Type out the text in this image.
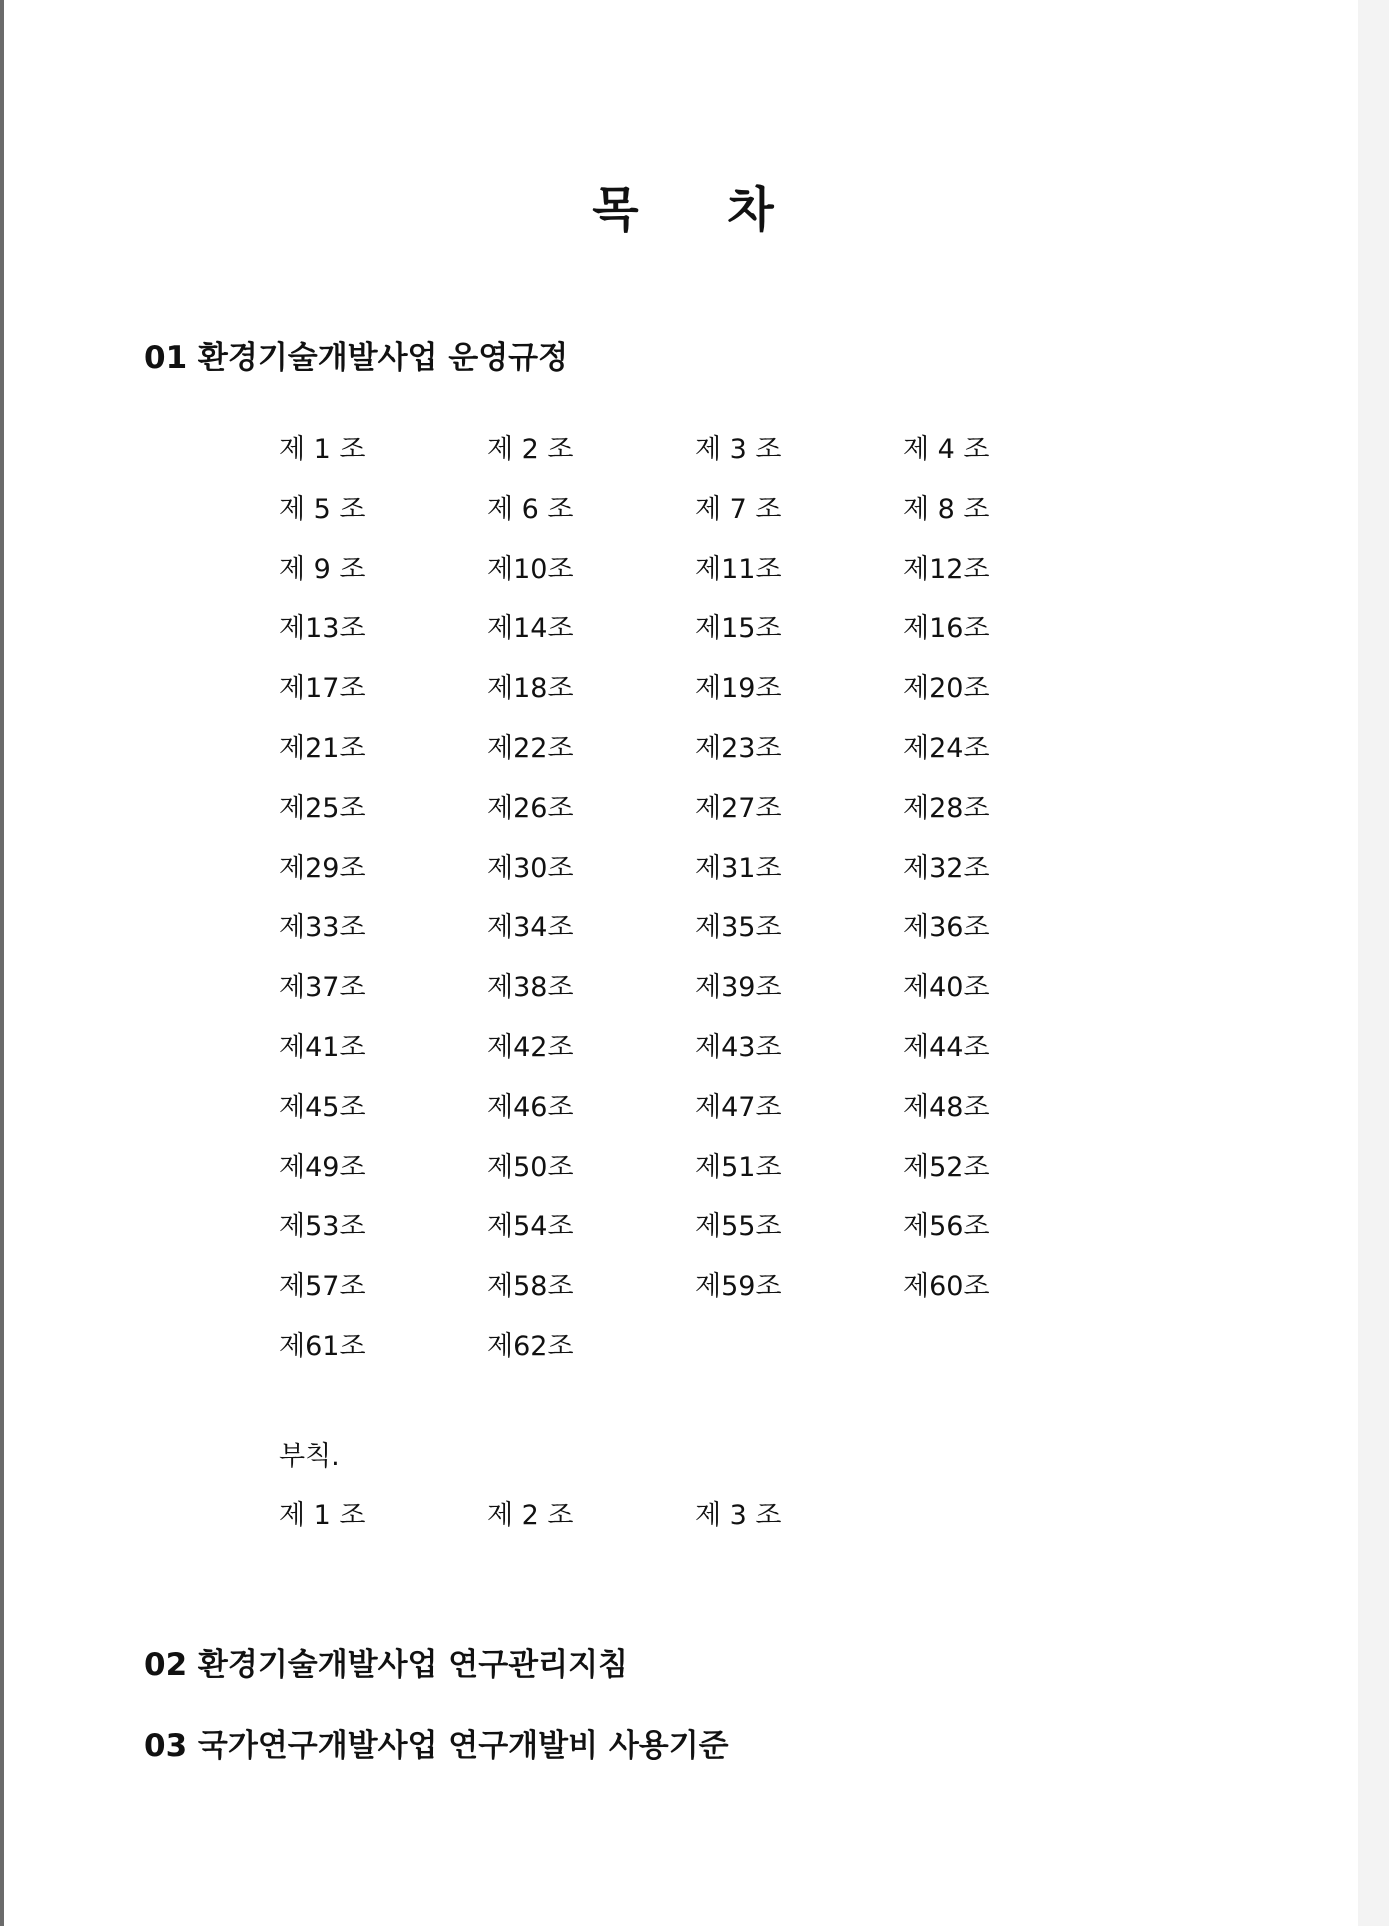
목 차
01 환경기술개발사업 운영규정
제 1 조	제 2 조	제 3 조	제 4 조
제 5 조	제 6 조	제 7 조	제 8 조
제 9 조	제10조	제11조	제12조
제13조	제14조	제15조	제16조
제17조	제18조	제19조	제20조
제21조	제22조	제23조	제24조
제25조	제26조	제27조	제28조
제29조	제30조	제31조	제32조
제33조	제34조	제35조	제36조
제37조	제38조	제39조	제40조
제41조	제42조	제43조	제44조
제45조	제46조	제47조	제48조
제49조	제50조	제51조	제52조
제53조	제54조	제55조	제56조
제57조	제58조	제59조	제60조
제61조	제62조
부칙.
제 1 조	제 2 조	제 3 조
02 환경기술개발사업 연구관리지침
03 국가연구개발사업 연구개발비 사용기준
